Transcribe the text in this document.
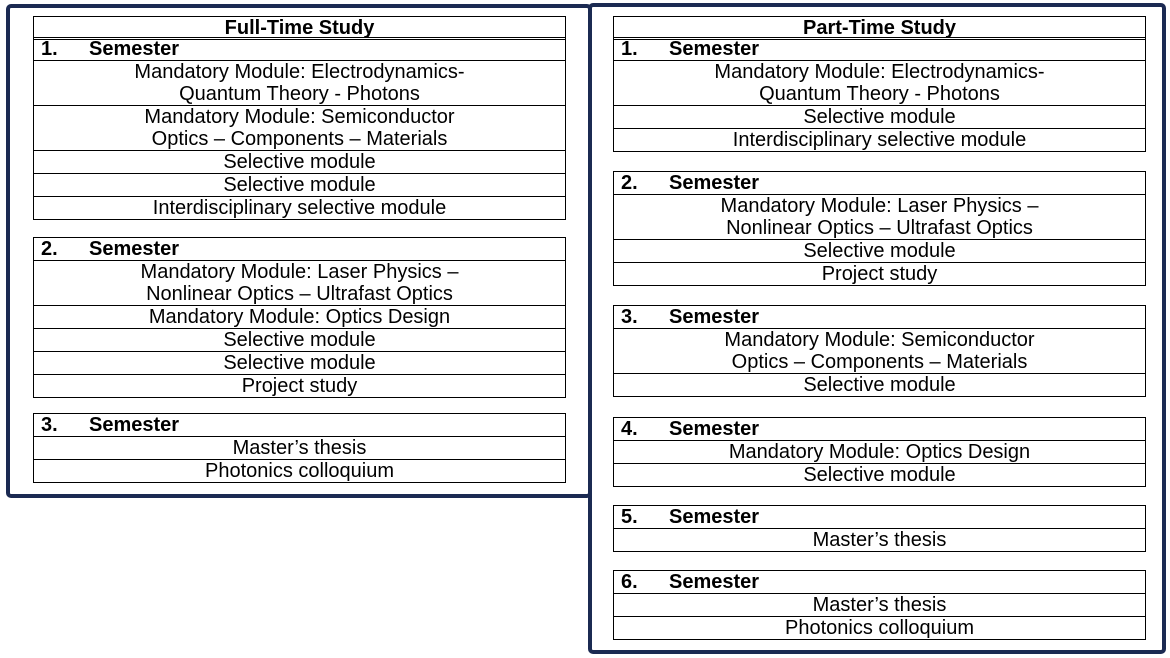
Full-Time Study
1. Semester
Mandatory Module: Electrodynamics-
Quantum Theory - Photons
Mandatory Module: Semiconductor
Optics – Components – Materials
Selective module
Selective module
Interdisciplinary selective module
2. Semester
Mandatory Module: Laser Physics –
Nonlinear Optics – Ultrafast Optics
Mandatory Module: Optics Design
Selective module
Selective module
Project study
3. Semester
Master’s thesis
Photonics colloquium
Part-Time Study
1. Semester
Mandatory Module: Electrodynamics-
Quantum Theory - Photons
Selective module
Interdisciplinary selective module
2. Semester
Mandatory Module: Laser Physics –
Nonlinear Optics – Ultrafast Optics
Selective module
Project study
3. Semester
Mandatory Module: Semiconductor
Optics – Components – Materials
Selective module
4. Semester
Mandatory Module: Optics Design
Selective module
5. Semester
Master’s thesis
6. Semester
Master’s thesis
Photonics colloquium
